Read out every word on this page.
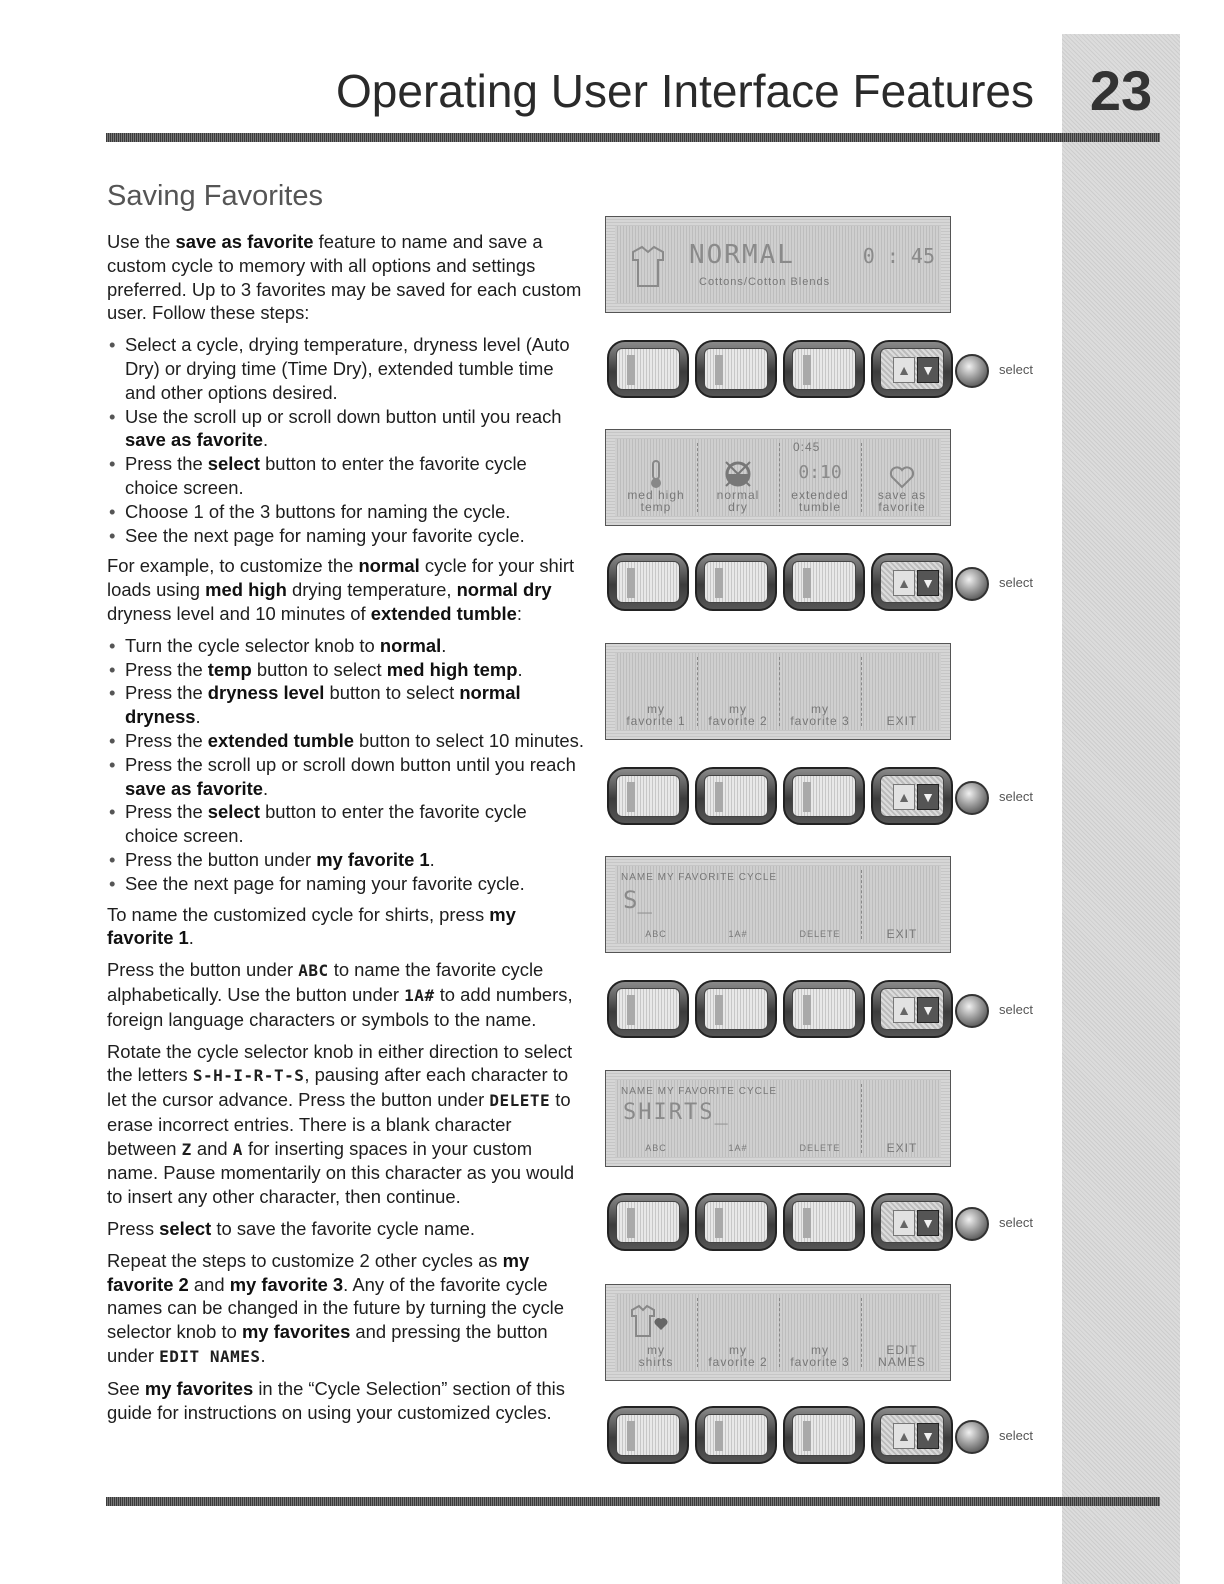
23
Operating User Interface Features
Saving Favorites

Use the save as favorite feature to name and save a custom cycle to memory with all options and settings preferred. Up to 3 favorites may be saved for each custom user. Follow these steps:

• Select a cycle, drying temperature, dryness level (Auto Dry) or drying time (Time Dry), extended tumble time and other options desired.
• Use the scroll up or scroll down button until you reach save as favorite.
• Press the select button to enter the favorite cycle choice screen.
• Choose 1 of the 3 buttons for naming the cycle.
• See the next page for naming your favorite cycle.

For example, to customize the normal cycle for your shirt loads using med high drying temperature, normal dry dryness level and 10 minutes of extended tumble:

• Turn the cycle selector knob to normal.
• Press the temp button to select med high temp.
• Press the dryness level button to select normal dryness.
• Press the extended tumble button to select 10 minutes.
• Press the scroll up or scroll down button until you reach save as favorite.
• Press the select button to enter the favorite cycle choice screen.
• Press the button under my favorite 1.
• See the next page for naming your favorite cycle.

To name the customized cycle for shirts, press my favorite 1.

Press the button under ABC to name the favorite cycle alphabetically. Use the button under 1A# to add numbers, foreign language characters or symbols to the name.

Rotate the cycle selector knob in either direction to select the letters S-H-I-R-T-S, pausing after each character to let the cursor advance. Press the button under DELETE to erase incorrect entries. There is a blank character between Z and A for inserting spaces in your custom name. Pause momentarily on this character as you would to insert any other character, then continue.

Press select to save the favorite cycle name.

Repeat the steps to customize 2 other cycles as my favorite 2 and my favorite 3. Any of the favorite cycle names can be changed in the future by turning the cycle selector knob to my favorites and pressing the button under EDIT NAMES.

See my favorites in the “Cycle Selection” section of this guide for instructions on using your customized cycles.

NORMAL	0 : 45
Cottons/Cotton Blends
0:45
med high
temp
normal
dry
0:10
extended
tumble
save as
favorite
my
favorite 1
my
favorite 2
my
favorite 3	EXIT
NAME MY FAVORITE CYCLE
S_
ABC	1A#	DELETE	EXIT
NAME MY FAVORITE CYCLE
SHIRTS_
ABC	1A#	DELETE	EXIT
my
shirts
my
favorite 2
my
favorite 3
EDIT
NAMES
▲ ▼	select
▲ ▼	select
▲ ▼	select
▲ ▼	select
▲ ▼	select
▲ ▼	select
